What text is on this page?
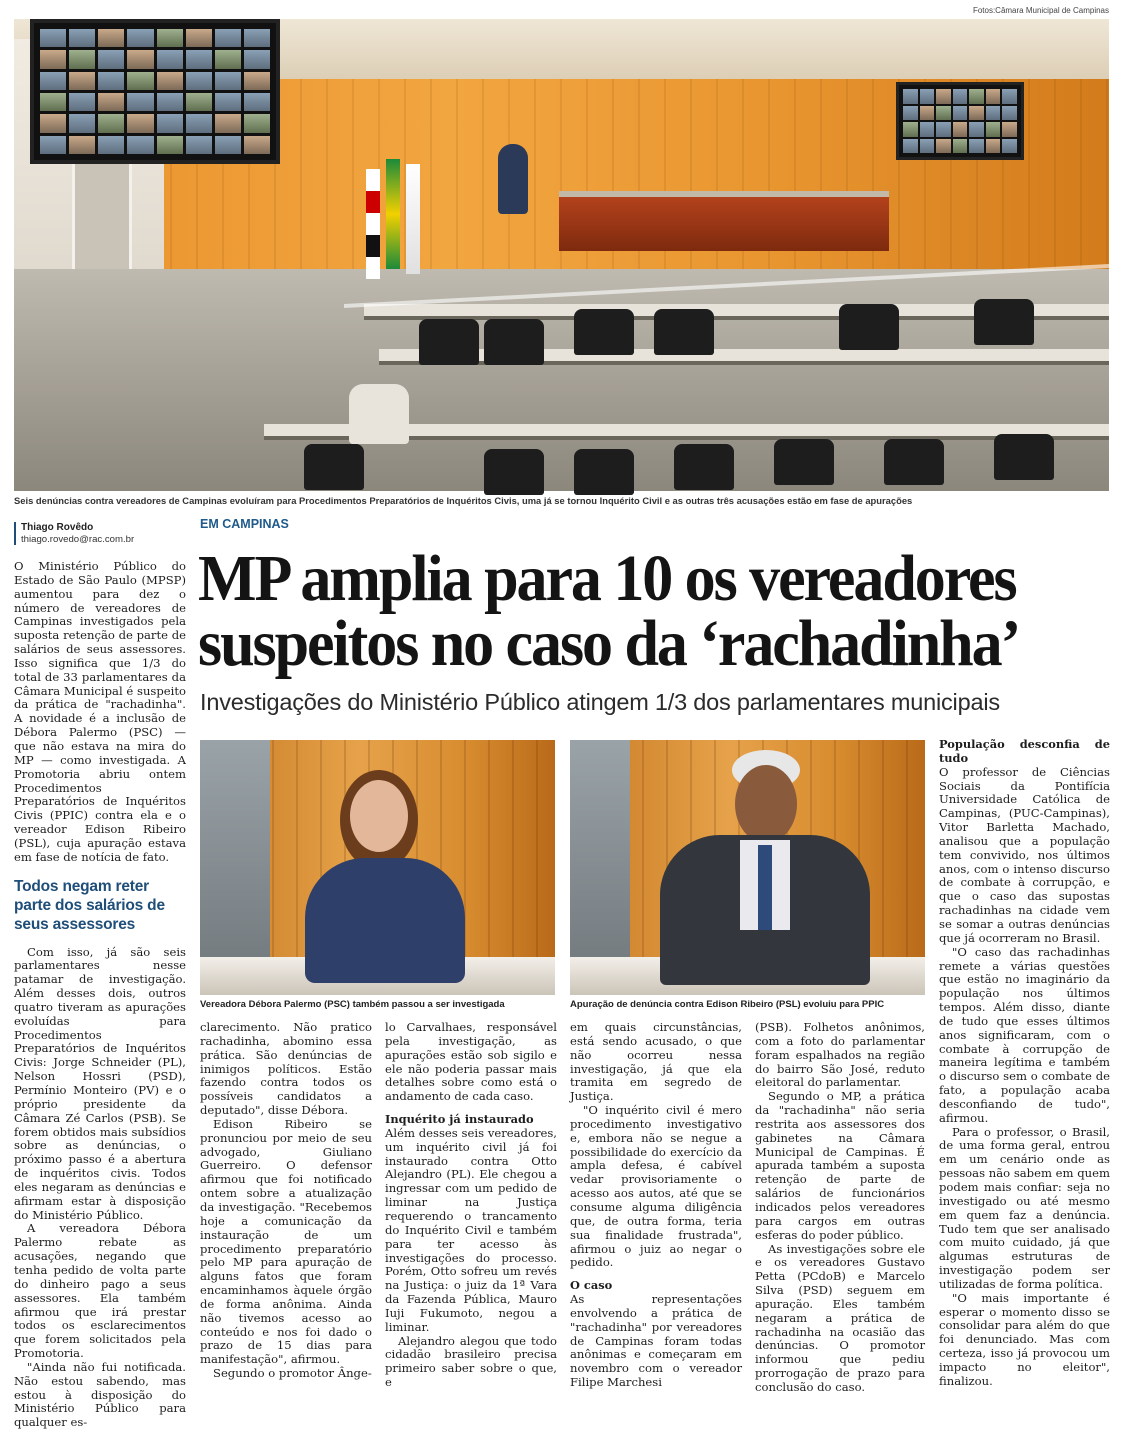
Fotos:Câmara Municipal de Campinas
Seis denúncias contra vereadores de Campinas evoluíram para Procedimentos Preparatórios de Inquéritos Civis, uma já se tornou Inquérito Civil e as outras três acusações estão em fase de apurações
Thiago Rovêdo
thiago.rovedo@rac.com.br
EM CAMPINAS
MP amplia para 10 os vereadores
suspeitos no caso da ‘rachadinha’
Investigações do Ministério Público atingem 1/3 dos parlamentares municipais
Vereadora Débora Palermo (PSC) também passou a ser investigada	Apuração de denúncia contra Edison Ribeiro (PSL) evoluiu para PPIC

O Ministério Público do Estado de São Paulo (MPSP) aumentou para dez o número de vereadores de Campinas investigados pela suposta retenção de parte de salários de seus assessores. Isso significa que 1/3 do total de 33 parlamentares da Câmara Municipal é suspeito da prática de "rachadinha". A novidade é a inclusão de Débora Palermo (PSC) — que não estava na mira do MP — como investigada. A Promotoria abriu ontem Procedimentos Preparatórios de Inquéritos Civis (PPIC) contra ela e o vereador Edison Ribeiro (PSL), cuja apuração estava em fase de notícia de fato.

Todos negam reter parte dos salários de seus assessores

Com isso, já são seis parlamentares nesse patamar de investigação. Além desses dois, outros quatro tiveram as apurações evoluídas para Procedimentos Preparatórios de Inquéritos Civis: Jorge Schneider (PL), Nelson Hossri (PSD), Permínio Monteiro (PV) e o próprio presidente da Câmara Zé Carlos (PSB). Se forem obtidos mais subsídios sobre as denúncias, o próximo passo é a abertura de inquéritos civis. Todos eles negaram as denúncias e afirmam estar à disposição do Ministério Público.

A vereadora Débora Palermo rebate as acusações, negando que tenha pedido de volta parte do dinheiro pago a seus assessores. Ela também afirmou que irá prestar todos os esclarecimentos que forem solicitados pela Promotoria.

"Ainda não fui notificada. Não estou sabendo, mas estou à disposição do Ministério Público para qualquer es-

clarecimento. Não pratico rachadinha, abomino essa prática. São denúncias de inimigos políticos. Estão fazendo contra todos os possíveis candidatos a deputado", disse Débora.

Edison Ribeiro se pronunciou por meio de seu advogado, Giuliano Guerreiro. O defensor afirmou que foi notificado ontem sobre a atualização da investigação. "Recebemos hoje a comunicação da instauração de um procedimento preparatório pelo MP para apuração de alguns fatos que foram encaminhamos àquele órgão de forma anônima. Ainda não tivemos acesso ao conteúdo e nos foi dado o prazo de 15 dias para manifestação", afirmou.

Segundo o promotor Ânge-

lo Carvalhaes, responsável pela investigação, as apurações estão sob sigilo e ele não poderia passar mais detalhes sobre como está o andamento de cada caso.

Inquérito já instaurado

Além desses seis vereadores, um inquérito civil já foi instaurado contra Otto Alejandro (PL). Ele chegou a ingressar com um pedido de liminar na Justiça requerendo o trancamento do Inquérito Civil e também para ter acesso às investigações do processo. Porém, Otto sofreu um revés na Justiça: o juiz da 1ª Vara da Fazenda Pública, Mauro Iuji Fukumoto, negou a liminar.

Alejandro alegou que todo cidadão brasileiro precisa primeiro saber sobre o que, e

em quais circunstâncias, está sendo acusado, o que não ocorreu nessa investigação, já que ela tramita em segredo de Justiça.

"O inquérito civil é mero procedimento investigativo e, embora não se negue a possibilidade do exercício da ampla defesa, é cabível vedar provisoriamente o acesso aos autos, até que se consume alguma diligência que, de outra forma, teria sua finalidade frustrada", afirmou o juiz ao negar o pedido.

O caso

As representações envolvendo a prática de "rachadinha" por vereadores de Campinas foram todas anônimas e começaram em novembro com o vereador Filipe Marchesi

(PSB). Folhetos anônimos, com a foto do parlamentar foram espalhados na região do bairro São José, reduto eleitoral do parlamentar.

Segundo o MP, a prática da "rachadinha" não seria restrita aos assessores dos gabinetes na Câmara Municipal de Campinas. É apurada também a suposta retenção de parte de salários de funcionários indicados pelos vereadores para cargos em outras esferas do poder público.

As investigações sobre ele e os vereadores Gustavo Petta (PCdoB) e Marcelo Silva (PSD) seguem em apuração. Eles também negaram a prática de rachadinha na ocasião das denúncias. O promotor informou que pediu prorrogação de prazo para conclusão do caso.

População desconfia de tudo

O professor de Ciências Sociais da Pontifícia Universidade Católica de Campinas, (PUC-Campinas), Vitor Barletta Machado, analisou que a população tem convivido, nos últimos anos, com o intenso discurso de combate à corrupção, e que o caso das supostas rachadinhas na cidade vem se somar a outras denúncias que já ocorreram no Brasil.

"O caso das rachadinhas remete a várias questões que estão no imaginário da população nos últimos tempos. Além disso, diante de tudo que esses últimos anos significaram, com o combate à corrupção de maneira legítima e também o discurso sem o combate de fato, a população acaba desconfiando de tudo", afirmou.

Para o professor, o Brasil, de uma forma geral, entrou em um cenário onde as pessoas não sabem em quem podem mais confiar: seja no investigado ou até mesmo em quem faz a denúncia. Tudo tem que ser analisado com muito cuidado, já que algumas estruturas de investigação podem ser utilizadas de forma política.

"O mais importante é esperar o momento disso se consolidar para além do que foi denunciado. Mas com certeza, isso já provocou um impacto no eleitor", finalizou.
